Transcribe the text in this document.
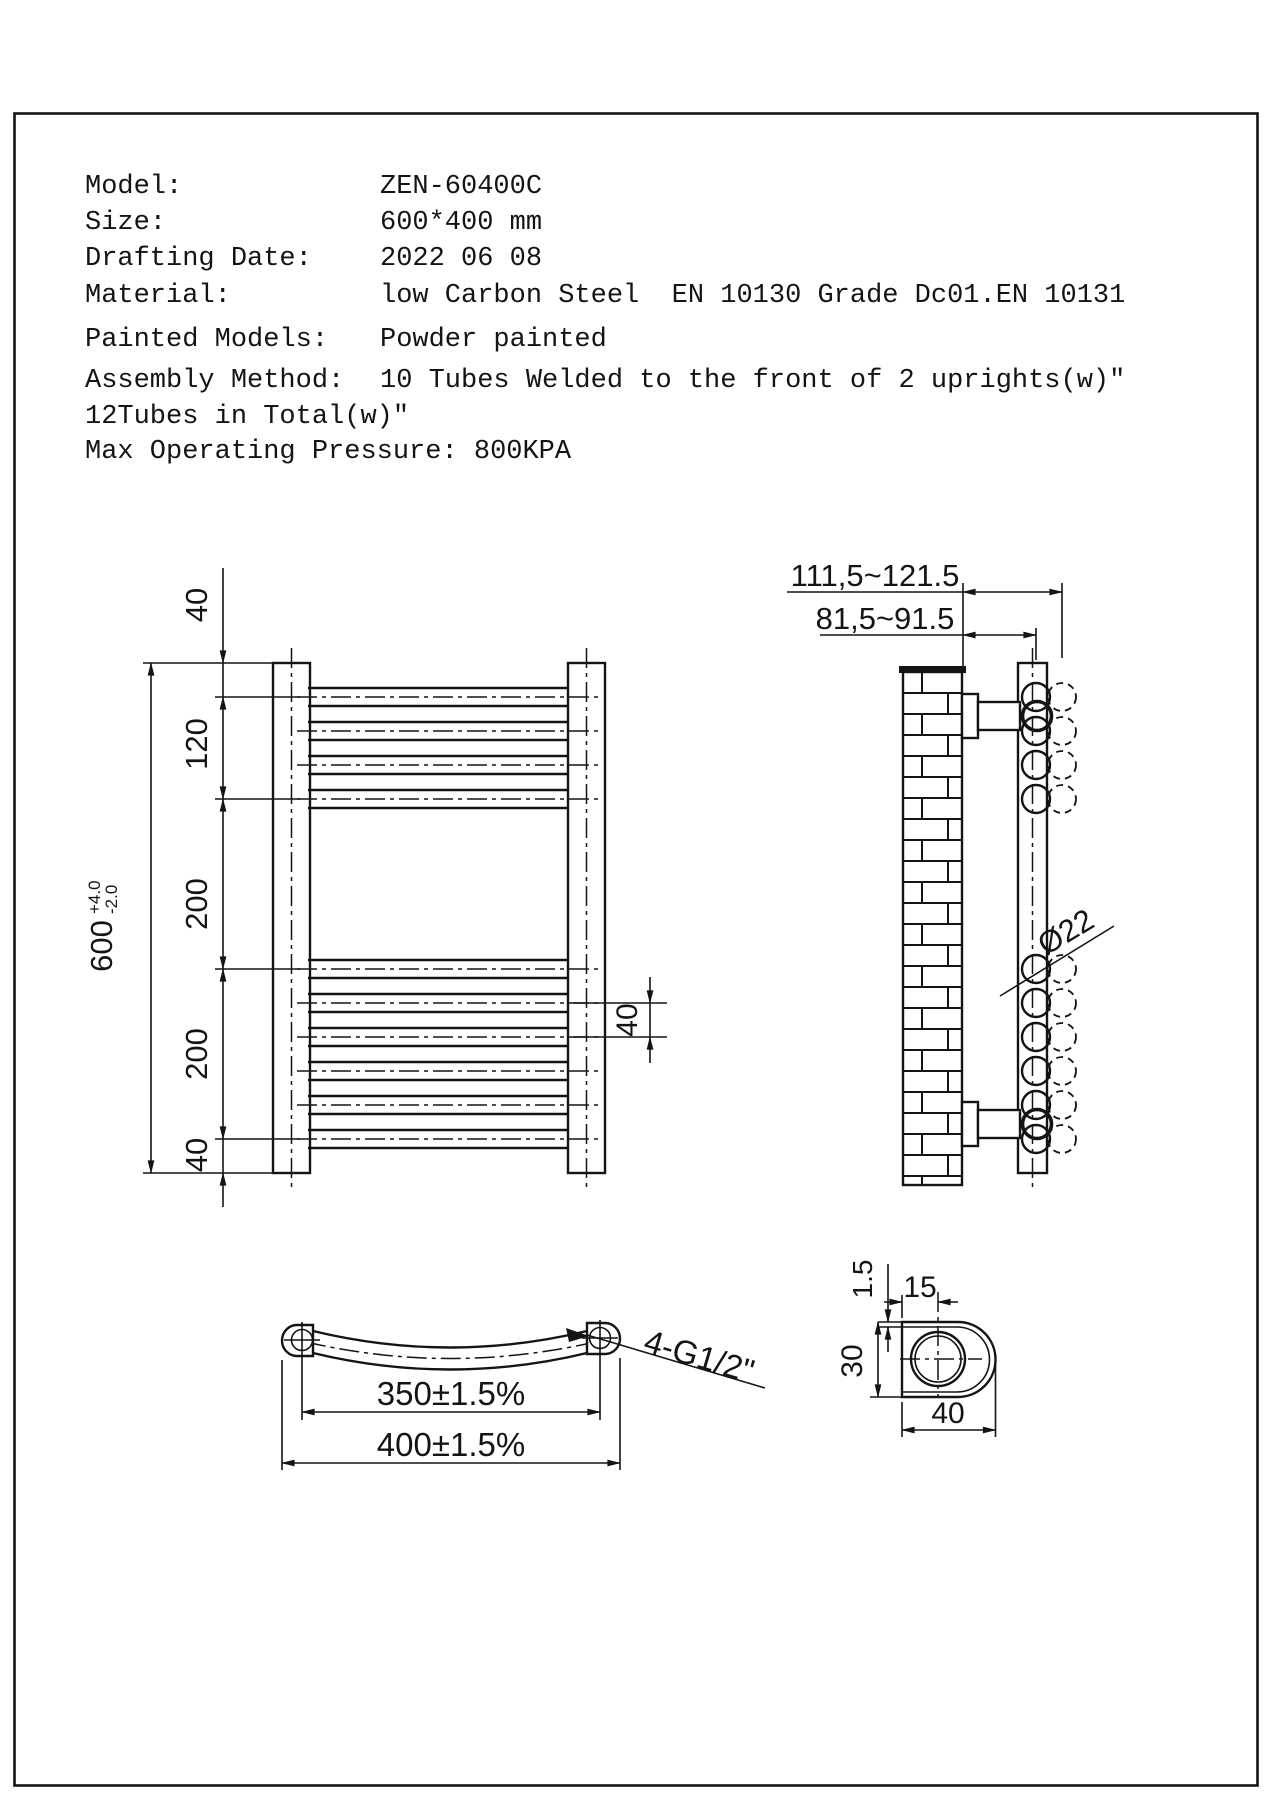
Model:	ZEN-60400C
Size:	600*400 mm
Drafting Date:	2022 06 08
Material:	low Carbon Steel  EN 10130 Grade Dc01.EN 10131
Painted Models: Powder painted
Assembly Method: 10 Tubes Welded to the front of 2 uprights(w)"
12Tubes in Total(w)"
Max Operating Pressure: 800KPA
40
120
200
200
40
600
+4.0
-2.0
40
111,5~121.5
81,5~91.5
Ø22
4-G1/2"
350±1.5%
400±1.5%
1.5 15
30
40
